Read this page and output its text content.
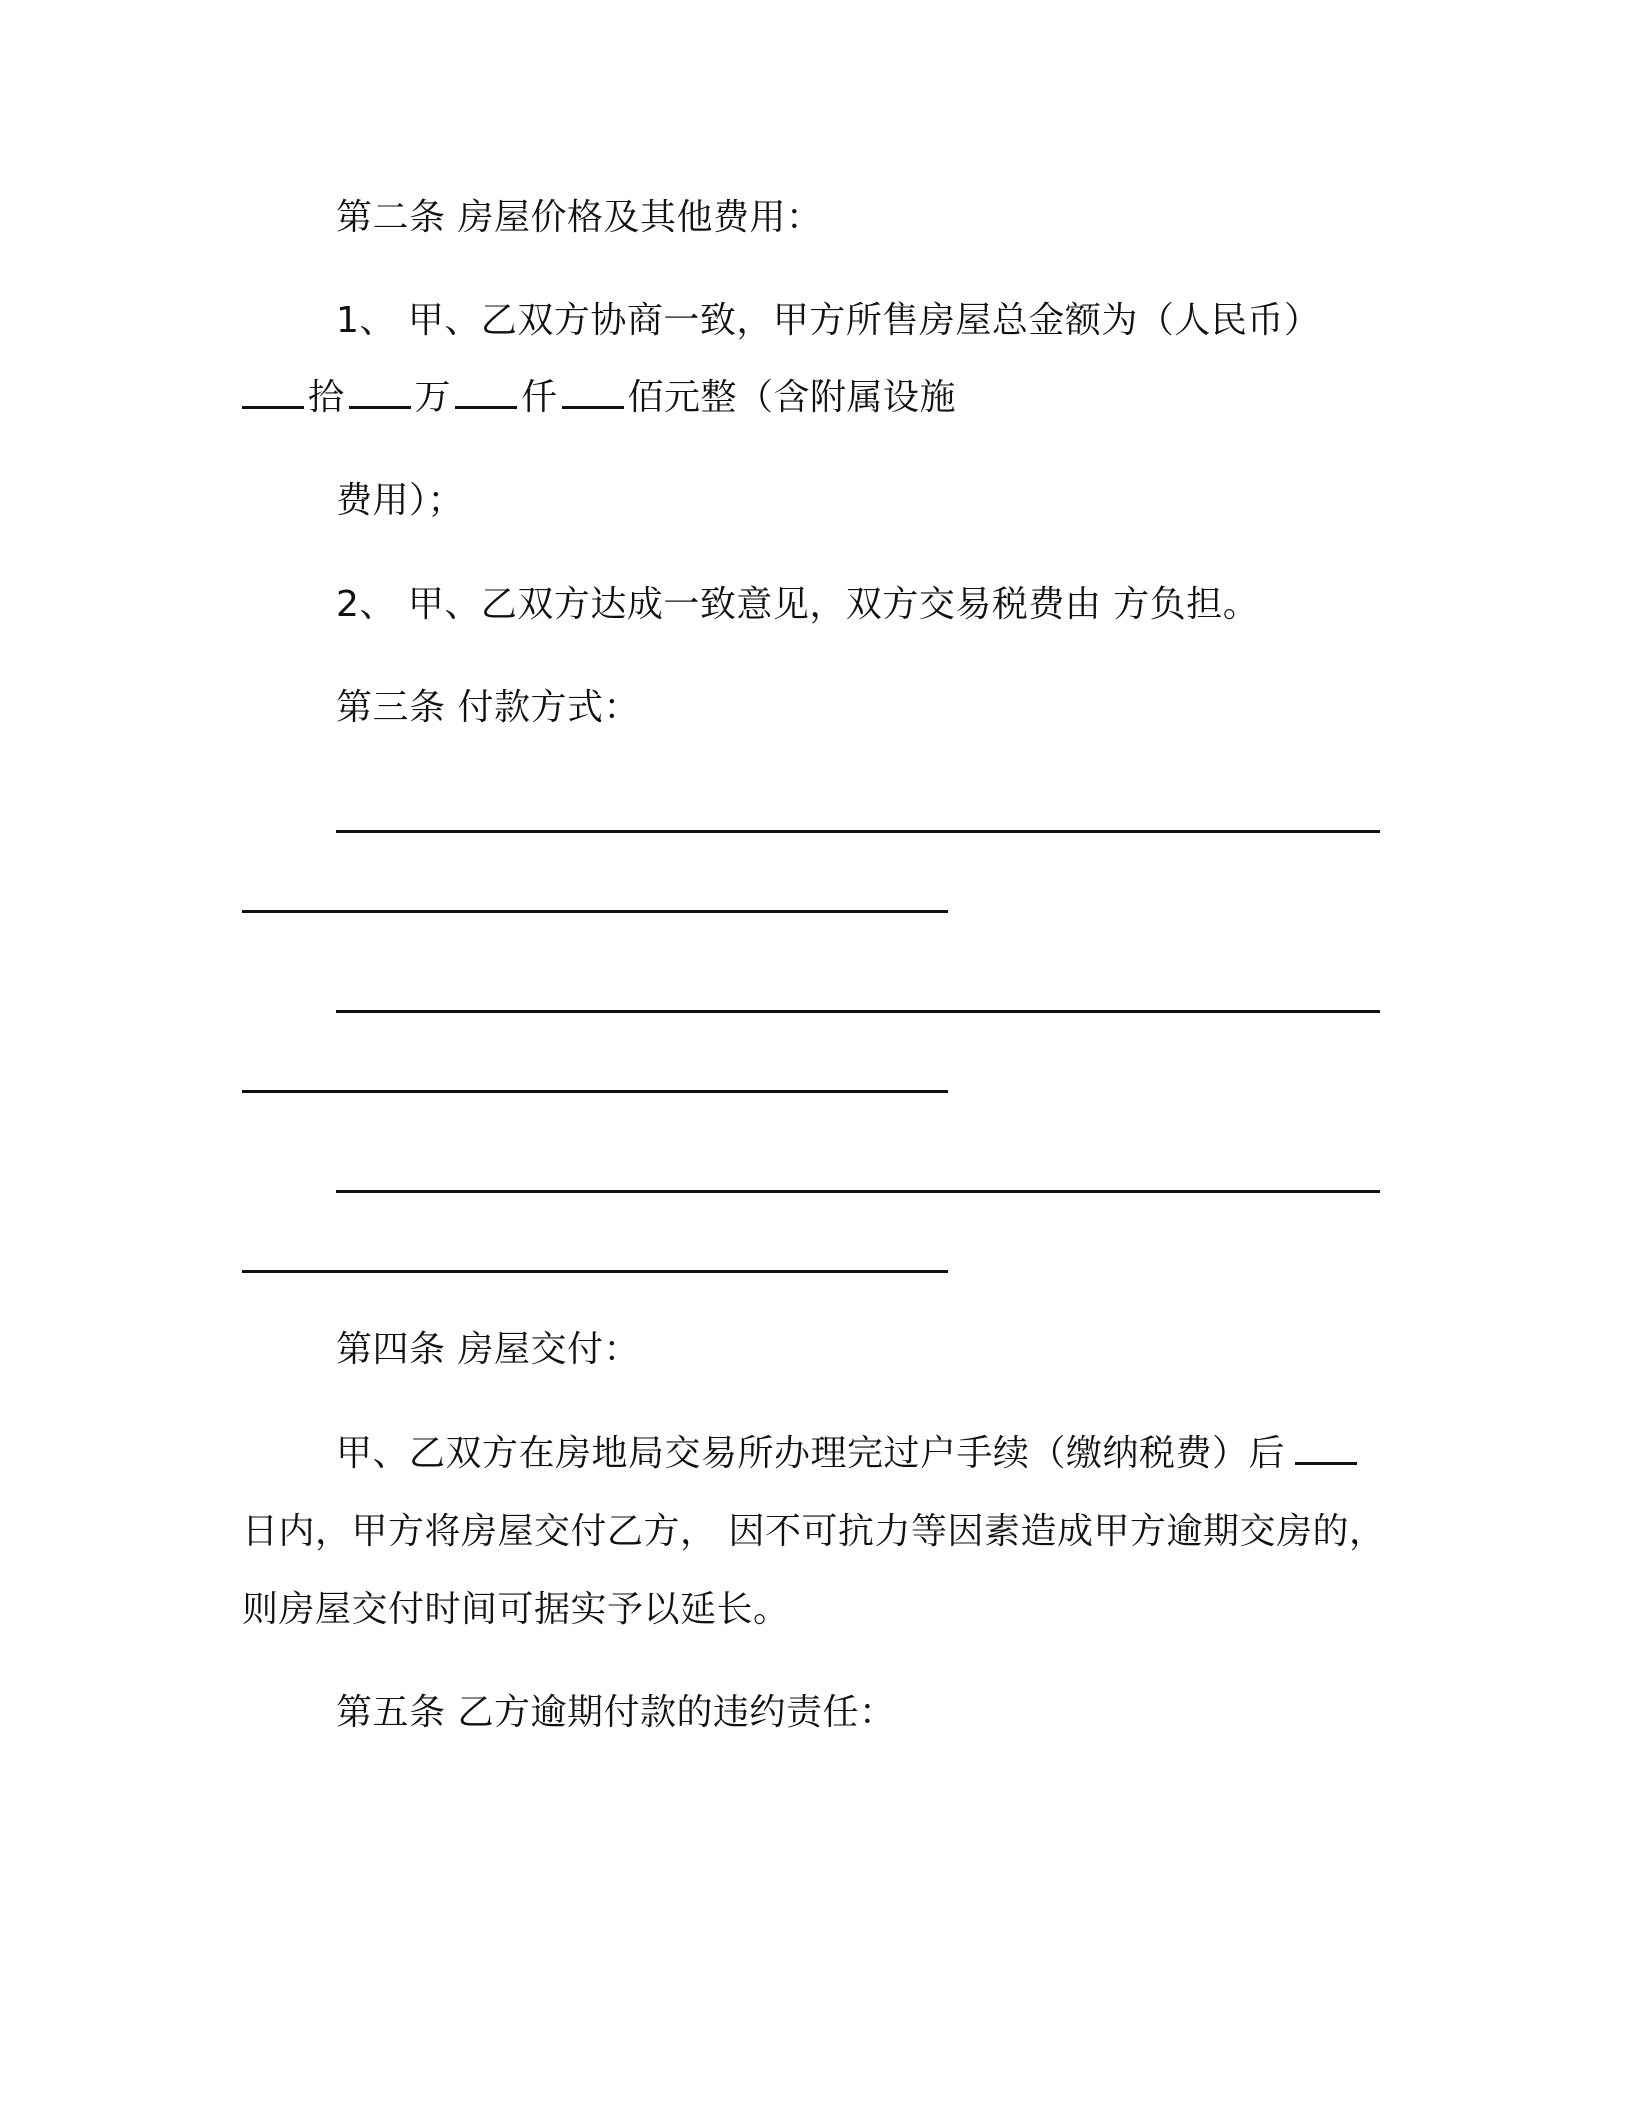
第二条 房屋价格及其他费用：
1、 甲、乙双方协商一致，甲方所售房屋总金额为（人民币）
拾 万 仟 佰元整（含附属设施
费用）；
2、 甲、乙双方达成一致意见，双方交易税费由 方负担。
第三条 付款方式：
第四条 房屋交付：
甲、乙双方在房地局交易所办理完过户手续（缴纳税费）后
日内，甲方将房屋交付乙方， 因不可抗力等因素造成甲方逾期交房的，
则房屋交付时间可据实予以延长。
第五条 乙方逾期付款的违约责任：
